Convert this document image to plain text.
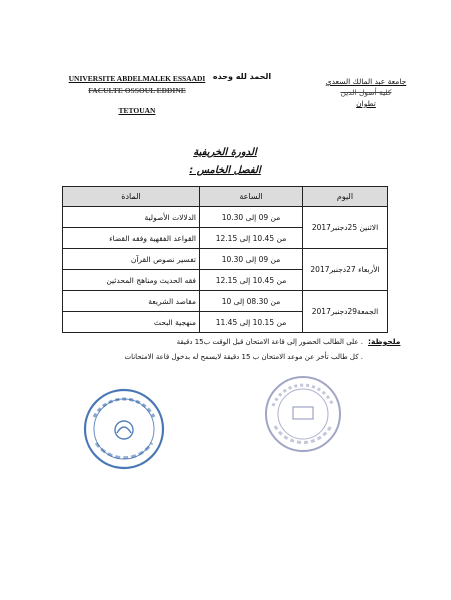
UNIVERSITE ABDELMALEK ESSAADI
FACULTE OSSOUL EDDINE
TETOUAN
الحمد لله وحده
جامعة عبد المالك السعدي
كلية أصول الدين
تطوان
الدورة الخريفية
الفصل الخامس :
اليوم	الساعة	المادة
الاثنين 25دجنبر2017	من 09 إلى 10.30	الدلالات الأصولية
	من 10.45 إلى 12.15	القواعد الفقهية وفقه القضاء
الأربعاء 27دجنبر2017	من 09 إلى 10.30	تفسير نصوص القرآن
	من 10.45 إلى 12.15	فقه الحديث ومناهج المحدثين
الجمعة29دجنبر2017	من 08.30 إلى 10	مقاصد الشريعة
	من 10.15 إلى 11.45	منهجية البحث
ملحوظة:
. على الطالب الحضور إلى قاعة الامتحان قبل الوقت ب15 دقيقة
. كل طالب تأخر عن موعد الامتحان ب 15 دقيقة لايسمح له بدخول قاعة الامتحانات
